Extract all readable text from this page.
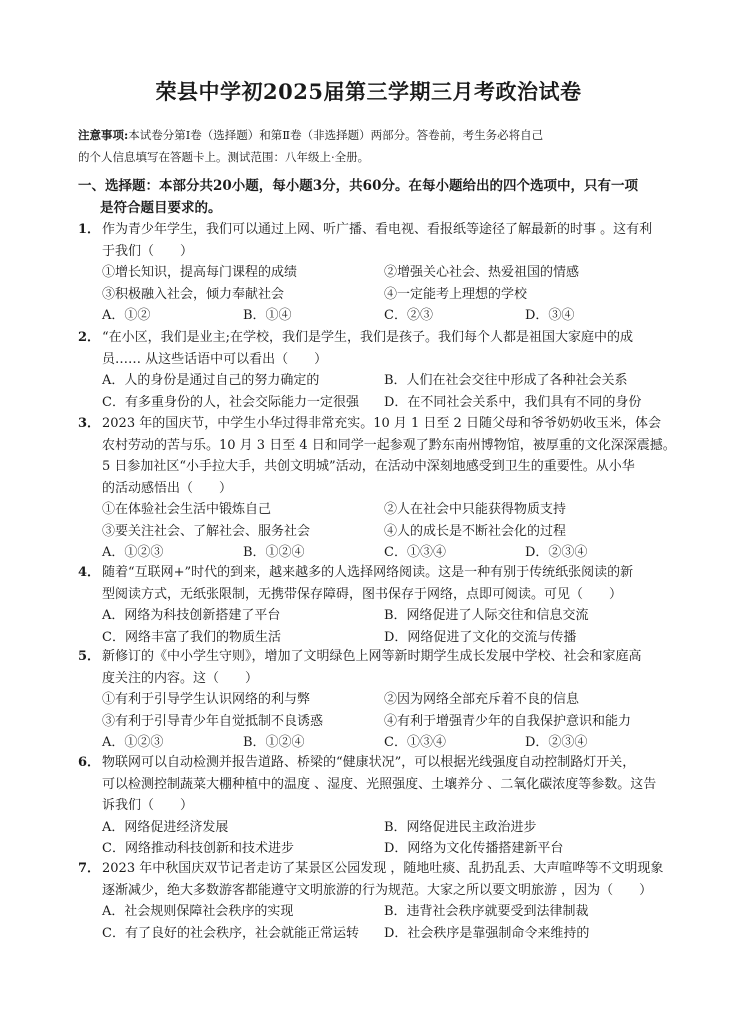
荣县中学初2025届第三学期三月考政治试卷
注意事项:本试卷分第Ⅰ卷（选择题）和第Ⅱ卷（非选择题）两部分。答卷前，考生务必将自己
的个人信息填写在答题卡上。测试范围：八年级上·全册。
一、选择题：本部分共20小题，每小题3分，共60分。在每小题给出的四个选项中，只有一项
是符合题目要求的。
1． 作为青少年学生，我们可以通过上网、听广播、看电视、看报纸等途径了解最新的时事 。这有利
于我们（　　）
①增长知识，提高每门课程的成绩	②增强关心社会、热爱祖国的情感
③积极融入社会，倾力奉献社会	④一定能考上理想的学校
A．①②	B．①④	C．②③	D．③④
2． “在小区，我们是业主;在学校，我们是学生，我们是孩子。我们每个人都是祖国大家庭中的成
员…… 从这些话语中可以看出（　　）
A．人的身份是通过自己的努力确定的	B．人们在社会交往中形成了各种社会关系
C．有多重身份的人，社会交际能力一定很强 D．在不同社会关系中，我们具有不同的身份
3． 2023 年的国庆节，中学生小华过得非常充实。10 月 1 日至 2 日随父母和爷爷奶奶收玉米，体会
农村劳动的苦与乐。10 月 3 日至 4 日和同学一起参观了黔东南州博物馆，被厚重的文化深深震撼。
5 日参加社区“小手拉大手，共创文明城”活动，在活动中深刻地感受到卫生的重要性。从小华
的活动感悟出（　　）
①在体验社会生活中锻炼自己	②人在社会中只能获得物质支持
③要关注社会、了解社会、服务社会	④人的成长是不断社会化的过程
A．①②③	B．①②④	C．①③④	D．②③④
4． 随着“互联网+”时代的到来，越来越多的人选择网络阅读。这是一种有别于传统纸张阅读的新
型阅读方式，无纸张限制，无携带保存障碍，图书保存于网络，点即可阅读。可见（　　）
A．网络为科技创新搭建了平台	B．网络促进了人际交往和信息交流
C．网络丰富了我们的物质生活	D．网络促进了文化的交流与传播
5． 新修订的《中小学生守则》，增加了文明绿色上网等新时期学生成长发展中学校、社会和家庭高
度关注的内容。这（　　）
①有利于引导学生认识网络的利与弊	②因为网络全部充斥着不良的信息
③有利于引导青少年自觉抵制不良诱惑	④有利于增强青少年的自我保护意识和能力
A．①②③	B．①②④	C．①③④	D．②③④
6． 物联网可以自动检测并报告道路、桥梁的“健康状况”，可以根据光线强度自动控制路灯开关，
可以检测控制蔬菜大棚种植中的温度 、湿度、光照强度、土壤养分 、二氧化碳浓度等参数。这告
诉我们（　　）
A．网络促进经济发展	B．网络促进民主政治进步
C．网络推动科技创新和技术进步	D．网络为文化传播搭建新平台
7． 2023 年中秋国庆双节记者走访了某景区公园发现 ，随地吐痰、乱扔乱丢、大声喧哗等不文明现象
逐渐减少，绝大多数游客都能遵守文明旅游的行为规范。大家之所以要文明旅游 ，因为（　　）
A．社会规则保障社会秩序的实现	B．违背社会秩序就要受到法律制裁
C．有了良好的社会秩序，社会就能正常运转 D．社会秩序是靠强制命令来维持的
